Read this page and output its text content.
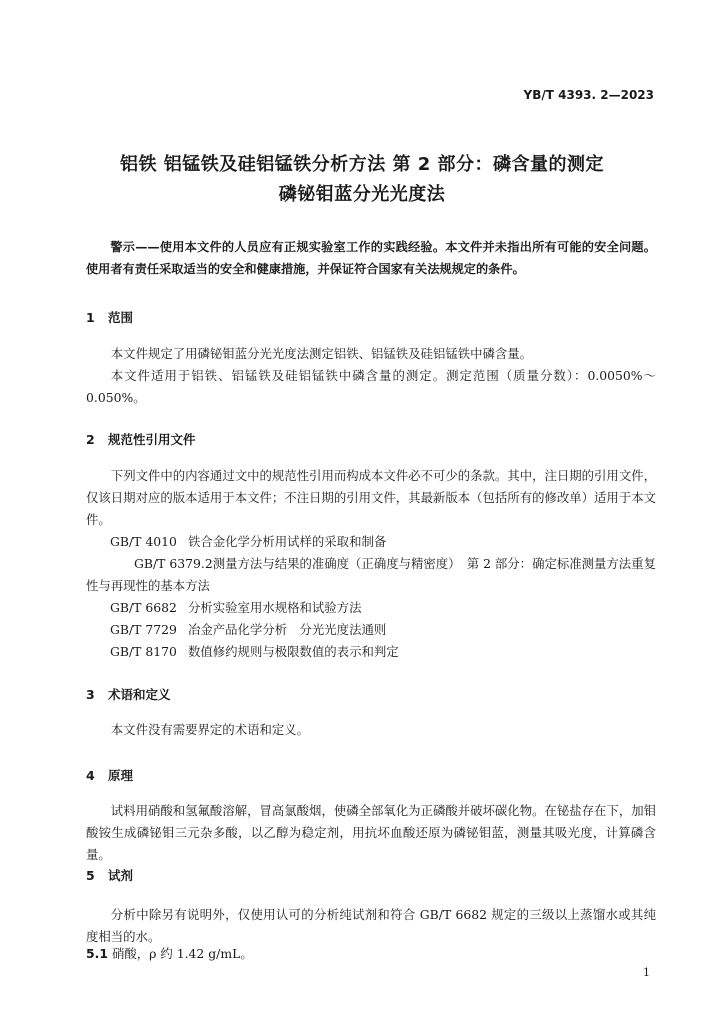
YB/T 4393. 2—2023
铝铁 铝锰铁及硅铝锰铁分析方法 第 2 部分：磷含量的测定
磷铋钼蓝分光光度法

警示——使用本文件的人员应有正规实验室工作的实践经验。本文件并未指出所有可能的安全问题。使用者有责任采取适当的安全和健康措施，并保证符合国家有关法规规定的条件。

1 范围

本文件规定了用磷铋钼蓝分光光度法测定铝铁、铝锰铁及硅铝锰铁中磷含量。

本文件适用于铝铁、铝锰铁及硅铝锰铁中磷含量的测定。测定范围（质量分数）：0.0050%～0.050%。

2 规范性引用文件

下列文件中的内容通过文中的规范性引用而构成本文件必不可少的条款。其中，注日期的引用文件，仅该日期对应的版本适用于本文件；不注日期的引用文件，其最新版本（包括所有的修改单）适用于本文件。

GB/T 4010 铁合金化学分析用试样的采取和制备
GB/T 6379.2测量方法与结果的准确度（正确度与精密度）　第 2 部分：确定标准测量方法重复性与再现性的基本方法
GB/T 6682 分析实验室用水规格和试验方法
GB/T 7729 冶金产品化学分析　分光光度法通则
GB/T 8170 数值修约规则与极限数值的表示和判定
3 术语和定义

本文件没有需要界定的术语和定义。

4 原理

试料用硝酸和氢氟酸溶解，冒高氯酸烟，使磷全部氧化为正磷酸并破坏碳化物。在铋盐存在下，加钼酸铵生成磷铋钼三元杂多酸，以乙醇为稳定剂，用抗坏血酸还原为磷铋钼蓝，测量其吸光度，计算磷含量。

5 试剂

分析中除另有说明外，仅使用认可的分析纯试剂和符合 GB/T 6682 规定的三级以上蒸馏水或其纯度相当的水。

5.1 硝酸，ρ 约 1.42 g/mL。
1
